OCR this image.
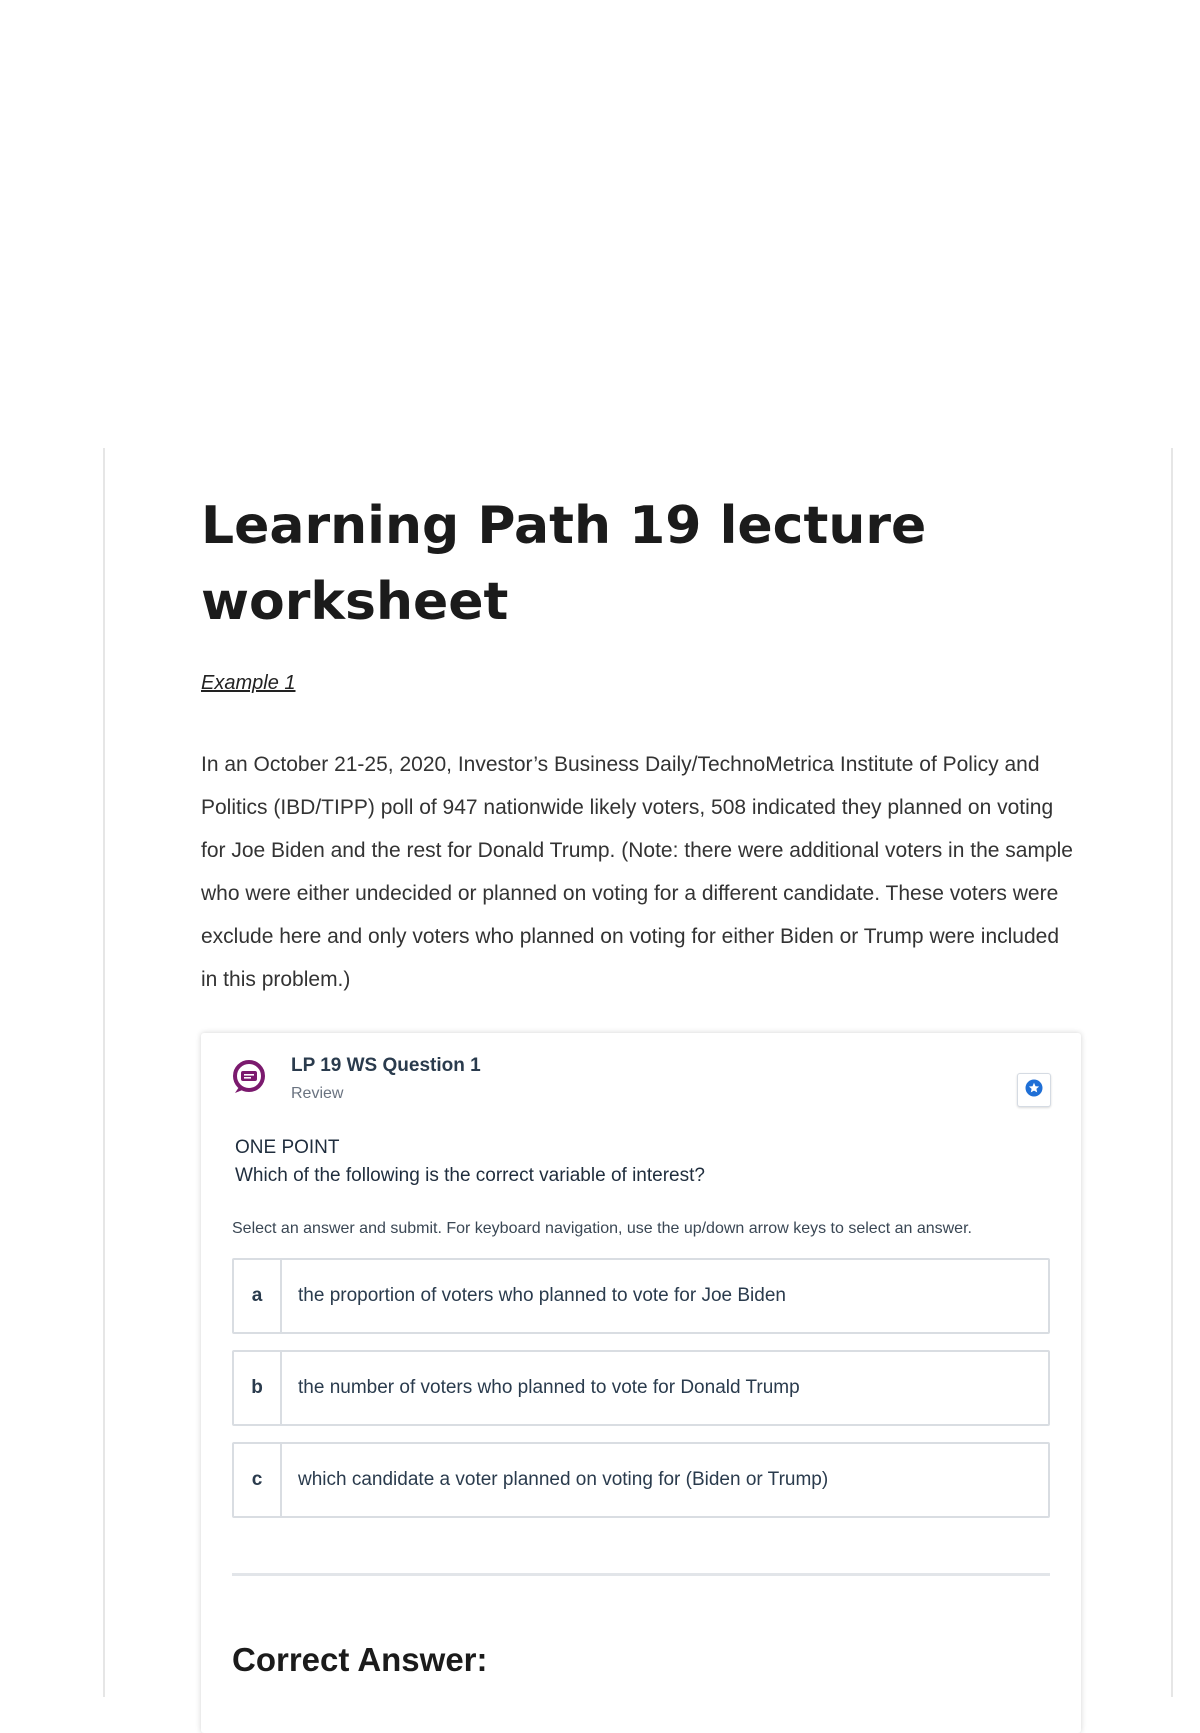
Learning Path 19 lecture worksheet
Example 1

In an October 21-25, 2020, Investor’s Business Daily/TechnoMetrica Institute of Policy and Politics (IBD/TIPP) poll of 947 nationwide likely voters, 508 indicated they planned on voting for Joe Biden and the rest for Donald Trump. (Note: there were additional voters in the sample who were either undecided or planned on voting for a different candidate. These voters were exclude here and only voters who planned on voting for either Biden or Trump were included in this problem.)

LP 19 WS Question 1
Review
ONE POINT
Which of the following is the correct variable of interest?
Select an answer and submit. For keyboard navigation, use the up/down arrow keys to select an answer.
a	the proportion of voters who planned to vote for Joe Biden
b	the number of voters who planned to vote for Donald Trump
c	which candidate a voter planned on voting for (Biden or Trump)
Correct Answer:
